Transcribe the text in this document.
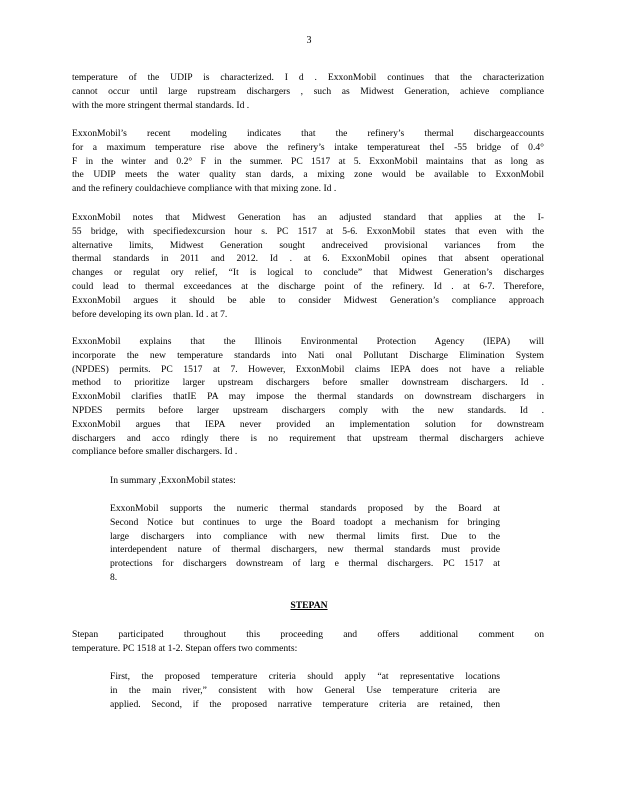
3
temperature of the UDIP is characterized. I d . ExxonMobil continues that the characterization
cannot occur until large rupstream dischargers , such as Midwest Generation, achieve compliance
with the more stringent thermal standards. Id .
ExxonMobil’s recent modeling indicates that the refinery’s thermal dischargeaccounts
for a maximum temperature rise above the refinery’s intake temperatureat theI -55 bridge of 0.4°
F in the winter and 0.2° F in the summer. PC 1517 at 5. ExxonMobil maintains that as long as
the UDIP meets the water quality stan dards, a mixing zone would be available to ExxonMobil
and the refinery couldachieve compliance with that mixing zone. Id .
ExxonMobil notes that Midwest Generation has an adjusted standard that applies at the I-
55 bridge, with specifiedexcursion hour s. PC 1517 at 5-6. ExxonMobil states that even with the
alternative limits, Midwest Generation sought andreceived provisional variances from the
thermal standards in 2011 and 2012. Id . at 6. ExxonMobil opines that absent operational
changes or regulat ory relief, “It is logical to conclude” that Midwest Generation’s discharges
could lead to thermal exceedances at the discharge point of the refinery. Id . at 6-7. Therefore,
ExxonMobil argues it should be able to consider Midwest Generation’s compliance approach
before developing its own plan. Id . at 7.
ExxonMobil explains that the Illinois Environmental Protection Agency (IEPA) will
incorporate the new temperature standards into Nati onal Pollutant Discharge Elimination System
(NPDES) permits. PC 1517 at 7. However, ExxonMobil claims IEPA does not have a reliable
method to prioritize larger upstream dischargers before smaller downstream dischargers. Id .
ExxonMobil clarifies thatIE PA may impose the thermal standards on downstream dischargers in
NPDES permits before larger upstream dischargers comply with the new standards. Id .
ExxonMobil argues that IEPA never provided an implementation solution for downstream
dischargers and acco rdingly there is no requirement that upstream thermal dischargers achieve
compliance before smaller dischargers. Id .
In summary ,ExxonMobil states:
ExxonMobil supports the numeric thermal standards proposed by the Board at
Second Notice but continues to urge the Board toadopt a mechanism for bringing
large dischargers into compliance with new thermal limits first. Due to the
interdependent nature of thermal dischargers, new thermal standards must provide
protections for dischargers downstream of larg e thermal dischargers. PC 1517 at
8.
STEPAN
Stepan participated throughout this proceeding and offers additional comment on
temperature. PC 1518 at 1-2. Stepan offers two comments:
First, the proposed temperature criteria should apply “at representative locations
in the main river,” consistent with how General Use temperature criteria are
applied. Second, if the proposed narrative temperature criteria are retained, then
